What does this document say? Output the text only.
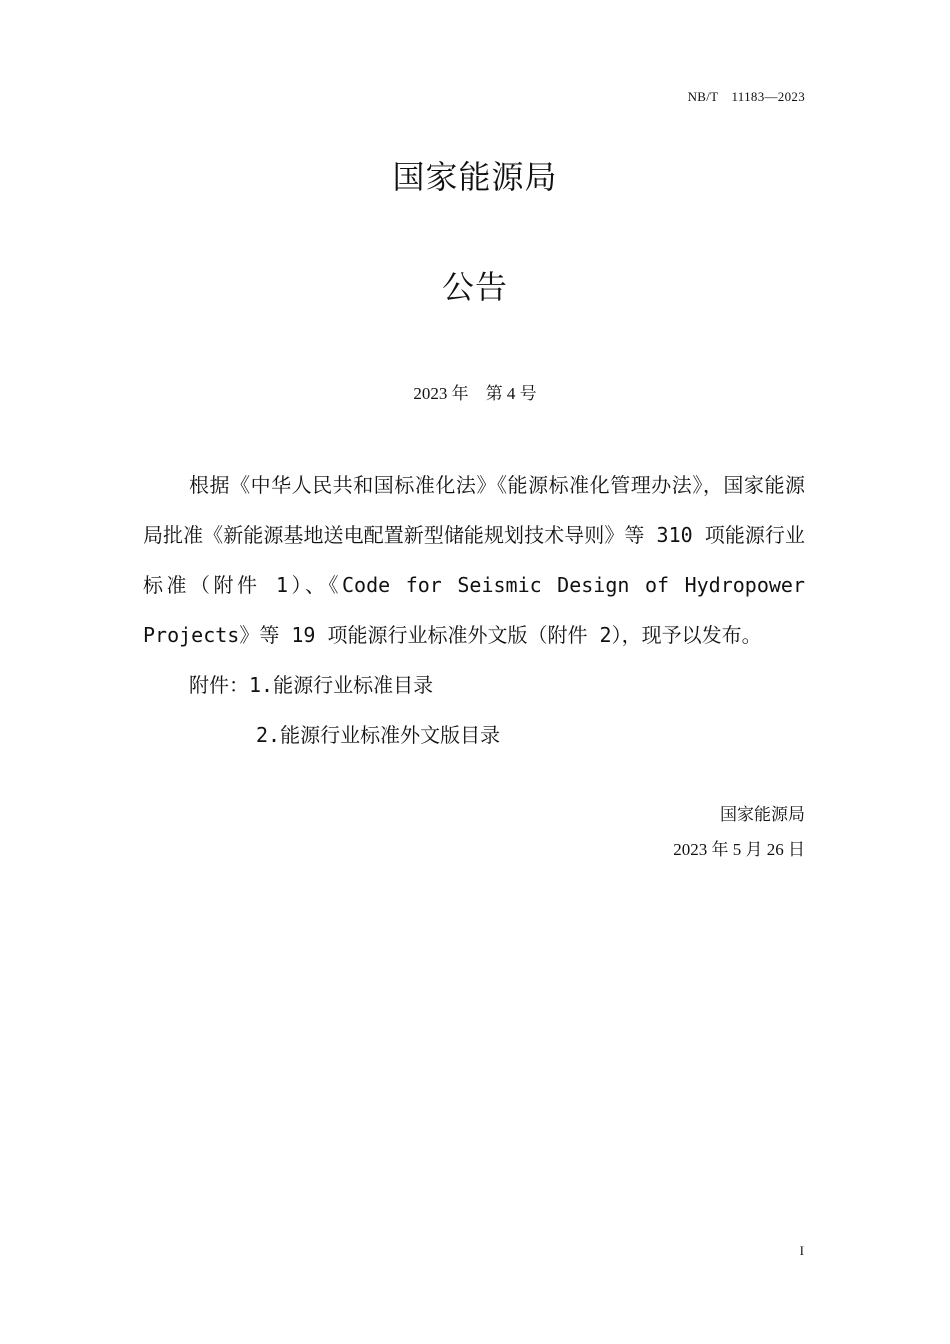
NB/T　11183—2023
国家能源局
公告
2023 年　第 4 号

根据《中华人民共和国标准化法》《能源标准化管理办法》，国家能源局批准《新能源基地送电配置新型储能规划技术导则》等 310 项能源行业标准（附件 1）、《Code for Seismic Design of Hydropower Projects》等 19 项能源行业标准外文版（附件 2），现予以发布。

附件：1.能源行业标准目录

2.能源行业标准外文版目录

国家能源局
2023 年 5 月 26 日
I
